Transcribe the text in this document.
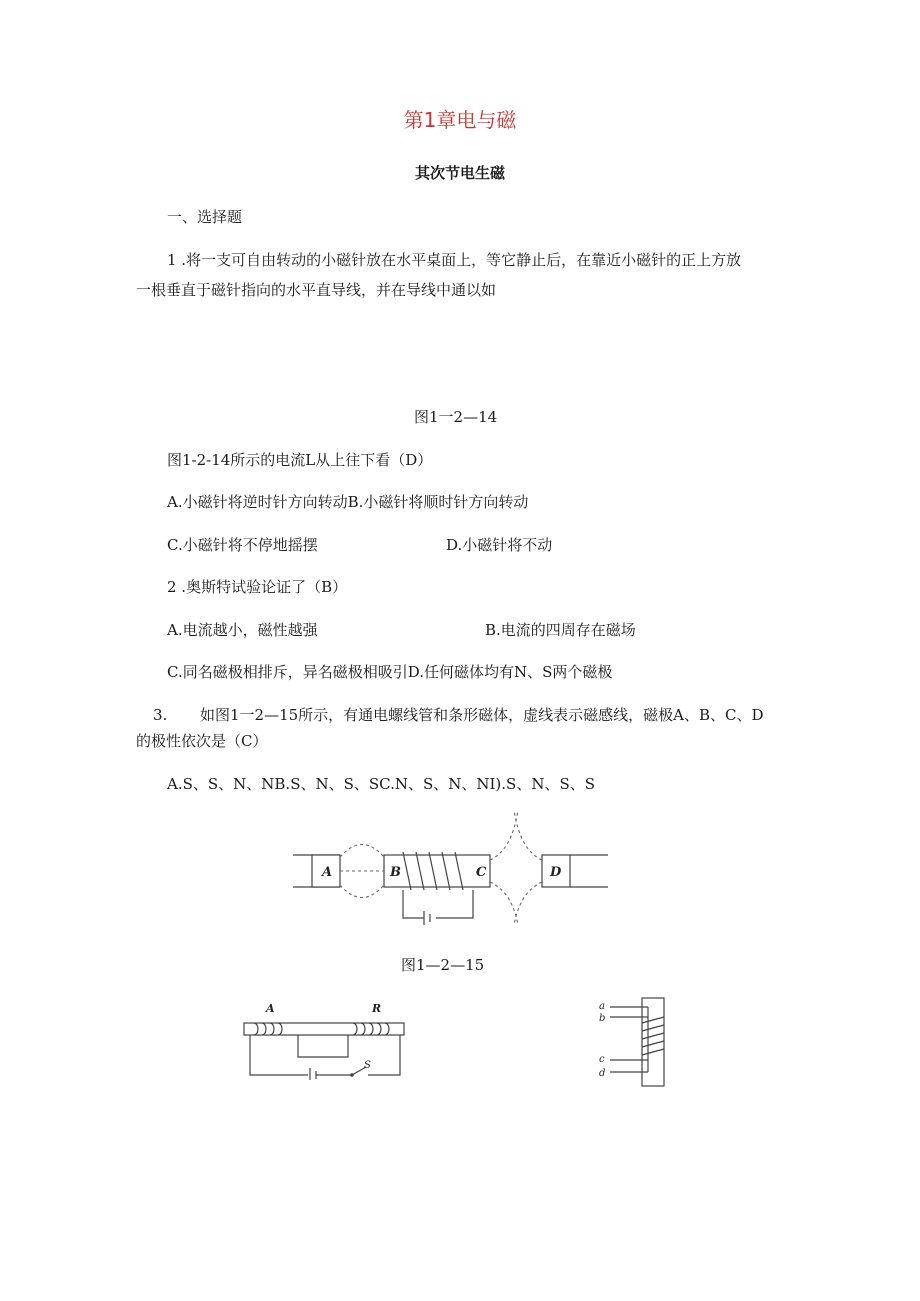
第1章电与磁
其次节电生磁
一、选择题
1 .将一支可自由转动的小磁针放在水平桌面上，等它静止后，在靠近小磁针的正上方放
一根垂直于磁针指向的水平直导线，并在导线中通以如
图1一2—14
图1-2-14所示的电流L从上往下看（D）
A.小磁针将逆时针方向转动B.小磁针将顺时针方向转动
C.小磁针将不停地摇摆	D.小磁针将不动
2 .奥斯特试验论证了（B）
A.电流越小，磁性越强	B.电流的四周存在磁场
C.同名磁极相排斥，异名磁极相吸引D.任何磁体均有N、S两个磁极
3. 如图1一2—15所示，有通电螺线管和条形磁体，虚线表示磁感线，磁极A、B、C、D
的极性依次是（C）
A.S、S、N、NB.S、N、S、SC.N、S、N、NI).S、N、S、S
A	B	C	D
图1—2—15
A	R
S
a
b
c
d
